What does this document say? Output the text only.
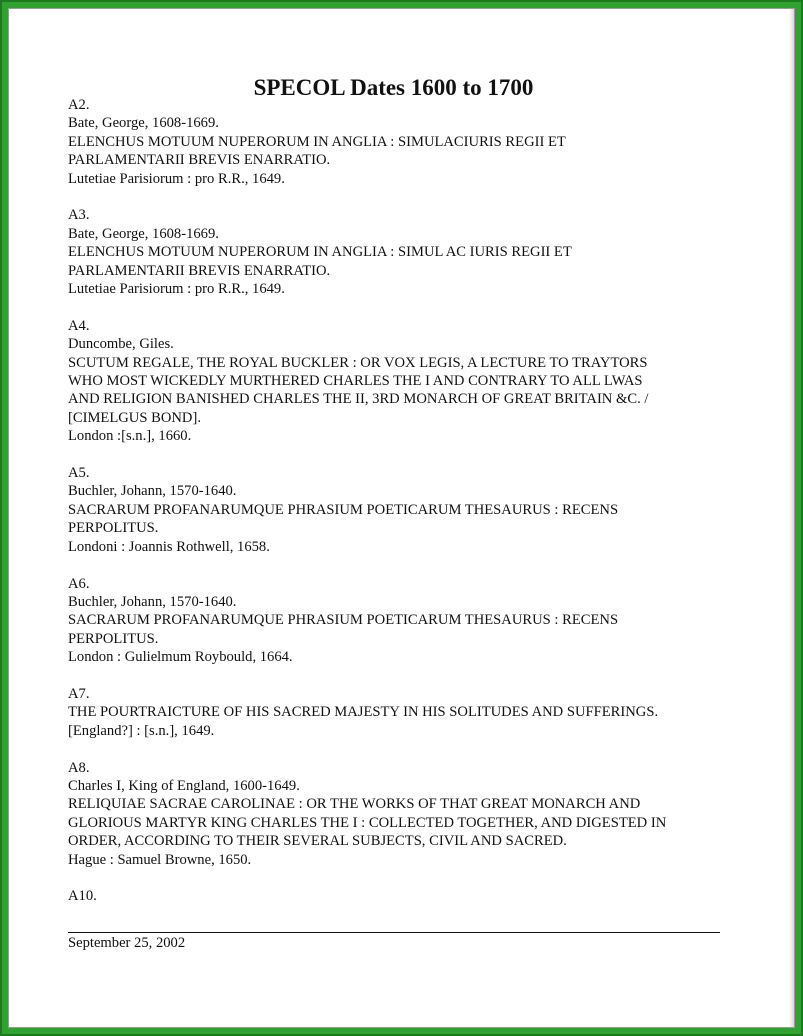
SPECOL Dates 1600 to 1700
A2.
Bate, George, 1608-1669.
ELENCHUS MOTUUM NUPERORUM IN ANGLIA : SIMULACIURIS REGII ET
PARLAMENTARII BREVIS ENARRATIO.
Lutetiae Parisiorum : pro R.R., 1649.
A3.
Bate, George, 1608-1669.
ELENCHUS MOTUUM NUPERORUM IN ANGLIA : SIMUL AC IURIS REGII ET
PARLAMENTARII BREVIS ENARRATIO.
Lutetiae Parisiorum : pro R.R., 1649.
A4.
Duncombe, Giles.
SCUTUM REGALE, THE ROYAL BUCKLER : OR VOX LEGIS, A LECTURE TO TRAYTORS
WHO MOST WICKEDLY MURTHERED CHARLES THE I AND CONTRARY TO ALL LWAS
AND RELIGION BANISHED CHARLES THE II, 3RD MONARCH OF GREAT BRITAIN &C. /
[CIMELGUS BOND].
London :[s.n.], 1660.
A5.
Buchler, Johann, 1570-1640.
SACRARUM PROFANARUMQUE PHRASIUM POETICARUM THESAURUS : RECENS
PERPOLITUS.
Londoni : Joannis Rothwell, 1658.
A6.
Buchler, Johann, 1570-1640.
SACRARUM PROFANARUMQUE PHRASIUM POETICARUM THESAURUS : RECENS
PERPOLITUS.
London : Gulielmum Roybould, 1664.
A7.
THE POURTRAICTURE OF HIS SACRED MAJESTY IN HIS SOLITUDES AND SUFFERINGS.
[England?] : [s.n.], 1649.
A8.
Charles I, King of England, 1600-1649.
RELIQUIAE SACRAE CAROLINAE : OR THE WORKS OF THAT GREAT MONARCH AND
GLORIOUS MARTYR KING CHARLES THE I : COLLECTED TOGETHER, AND DIGESTED IN
ORDER, ACCORDING TO THEIR SEVERAL SUBJECTS, CIVIL AND SACRED.
Hague : Samuel Browne, 1650.
A10.
September 25, 2002
